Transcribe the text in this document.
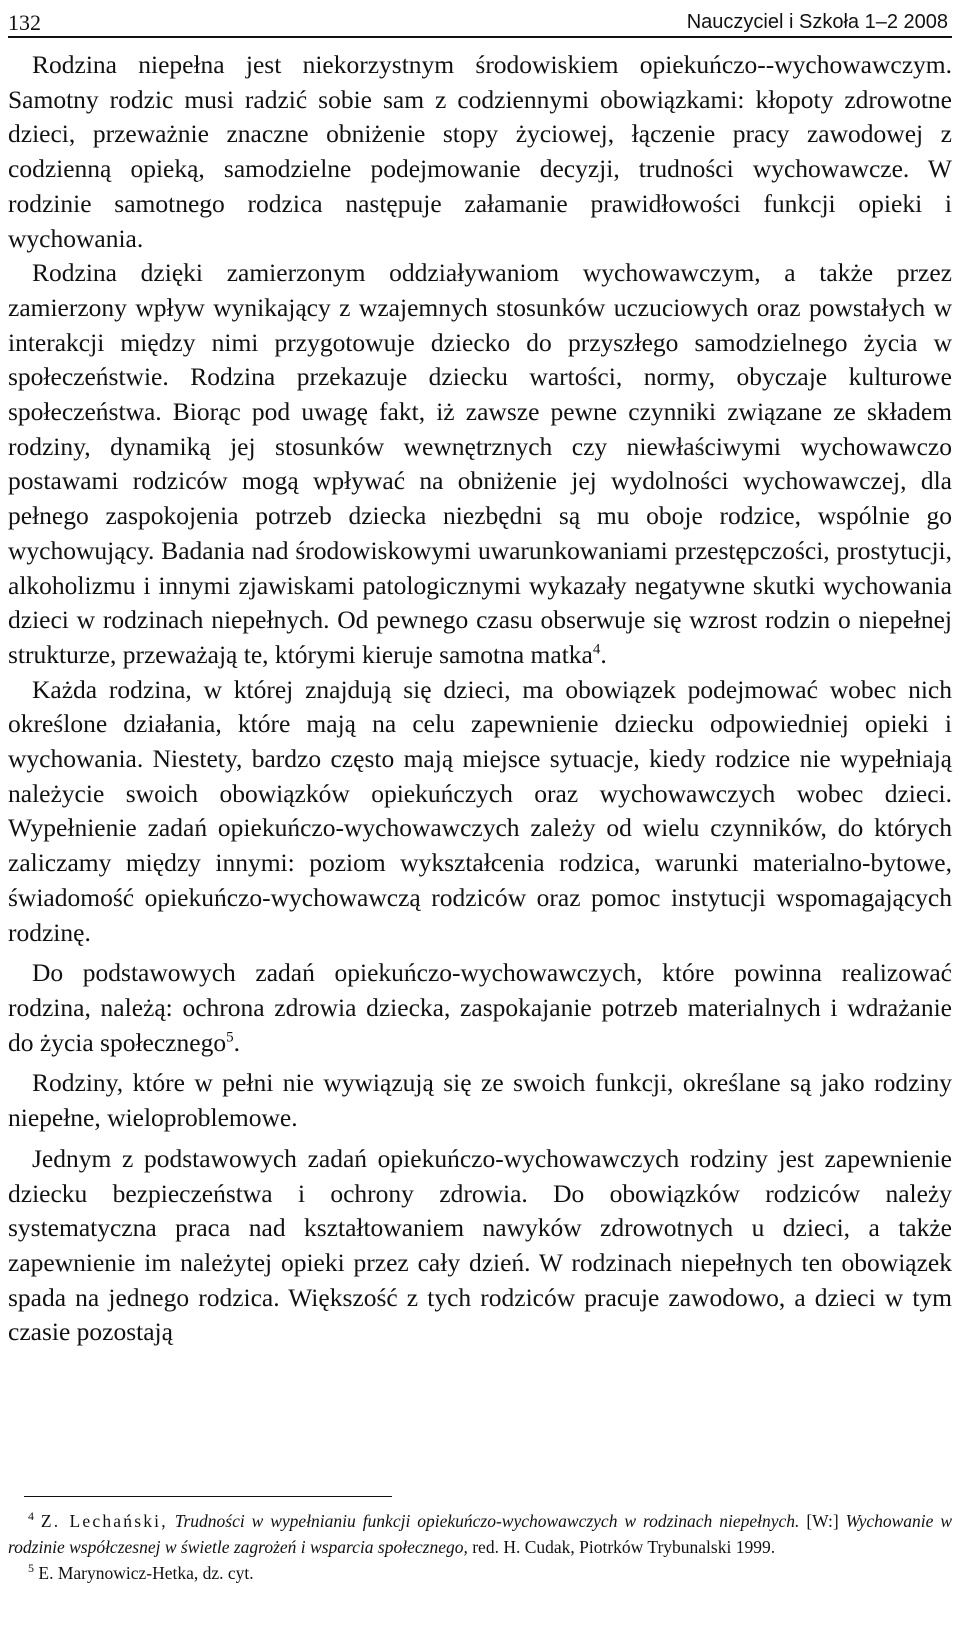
132	Nauczyciel i Szkoła 1–2 2008

Rodzina niepełna jest niekorzystnym środowiskiem opiekuńczo--wychowawczym. Samotny rodzic musi radzić sobie sam z codziennymi obowiązkami: kłopoty zdrowotne dzieci, przeważnie znaczne obniżenie stopy życiowej, łączenie pracy zawodowej z codzienną opieką, samodzielne podejmowanie decyzji, trudności wychowawcze. W rodzinie samotnego rodzica następuje załamanie prawidłowości funkcji opieki i wychowania.

Rodzina dzięki zamierzonym oddziaływaniom wychowawczym, a także przez zamierzony wpływ wynikający z wzajemnych stosunków uczuciowych oraz powstałych w interakcji między nimi przygotowuje dziecko do przyszłego samodzielnego życia w społeczeństwie. Rodzina przekazuje dziecku wartości, normy, obyczaje kulturowe społeczeństwa. Biorąc pod uwagę fakt, iż zawsze pewne czynniki związane ze składem rodziny, dynamiką jej stosunków wewnętrznych czy niewłaściwymi wychowawczo postawami rodziców mogą wpływać na obniżenie jej wydolności wychowawczej, dla pełnego zaspokojenia potrzeb dziecka niezbędni są mu oboje rodzice, wspólnie go wychowujący. Badania nad środowiskowymi uwarunkowaniami przestępczości, prostytucji, alkoholizmu i innymi zjawiskami patologicznymi wykazały negatywne skutki wychowania dzieci w rodzinach niepełnych. Od pewnego czasu obserwuje się wzrost rodzin o niepełnej strukturze, przeważają te, którymi kieruje samotna matka$^4$.

Każda rodzina, w której znajdują się dzieci, ma obowiązek podejmować wobec nich określone działania, które mają na celu zapewnienie dziecku odpowiedniej opieki i wychowania. Niestety, bardzo często mają miejsce sytuacje, kiedy rodzice nie wypełniają należycie swoich obowiązków opiekuńczych oraz wychowawczych wobec dzieci. Wypełnienie zadań opiekuńczo-wychowawczych zależy od wielu czynników, do których zaliczamy między innymi: poziom wykształcenia rodzica, warunki materialno-bytowe, świadomość opiekuńczo-wychowawczą rodziców oraz pomoc instytucji wspomagających rodzinę.

Do podstawowych zadań opiekuńczo-wychowawczych, które powinna realizować rodzina, należą: ochrona zdrowia dziecka, zaspokajanie potrzeb materialnych i wdrażanie do życia społecznego$^5$.

Rodziny, które w pełni nie wywiązują się ze swoich funkcji, określane są jako rodziny niepełne, wieloproblemowe.

Jednym z podstawowych zadań opiekuńczo-wychowawczych rodziny jest zapewnienie dziecku bezpieczeństwa i ochrony zdrowia. Do obowiązków rodziców należy systematyczna praca nad kształtowaniem nawyków zdrowotnych u dzieci, a także zapewnienie im należytej opieki przez cały dzień. W rodzinach niepełnych ten obowiązek spada na jednego rodzica. Większość z tych rodziców pracuje zawodowo, a dzieci w tym czasie pozostają

$^4$ Z. Lechański, Trudności w wypełnianiu funkcji opiekuńczo-wychowawczych w rodzinach niepełnych. [W:] Wychowanie w rodzinie współczesnej w świetle zagrożeń i wsparcia społecznego, red. H. Cudak, Piotrków Trybunalski 1999.

$^5$ E. Marynowicz-Hetka, dz. cyt.
